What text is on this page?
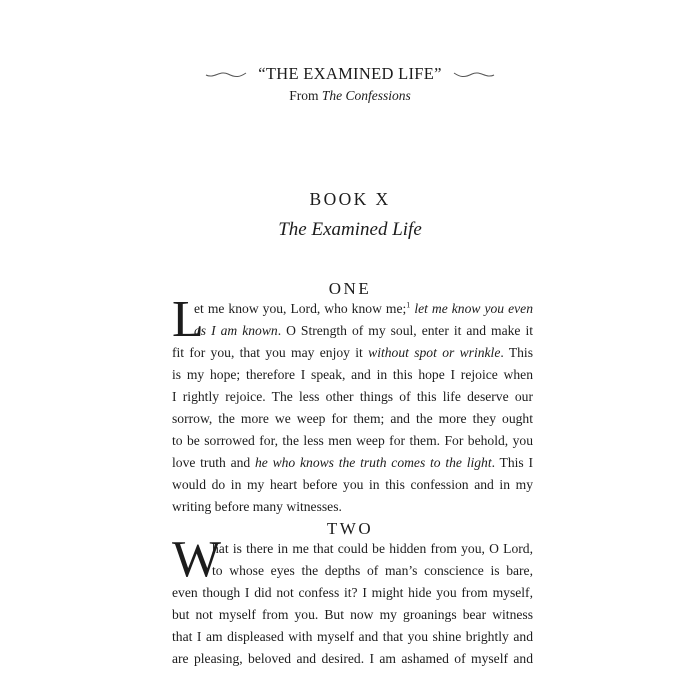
“THE EXAMINED LIFE”
From The Confessions
BOOK X
The Examined Life
ONE
L
et me know you, Lord, who know me;$^1$ let me know you even
as I am known. O Strength of my soul, enter it and make it
fit for you, that you may enjoy it without spot or wrinkle. This
is my hope; therefore I speak, and in this hope I rejoice when
I rightly rejoice. The less other things of this life deserve our
sorrow, the more we weep for them; and the more they ought
to be sorrowed for, the less men weep for them. For behold, you
love truth and he who knows the truth comes to the light. This I
would do in my heart before you in this confession and in my
writing before many witnesses.
TWO
W
hat is there in me that could be hidden from you, O Lord,
to whose eyes the depths of man’s conscience is bare,
even though I did not confess it? I might hide you from myself,
but not myself from you. But now my groanings bear witness
that I am displeased with myself and that you shine brightly and
are pleasing, beloved and desired. I am ashamed of myself and
